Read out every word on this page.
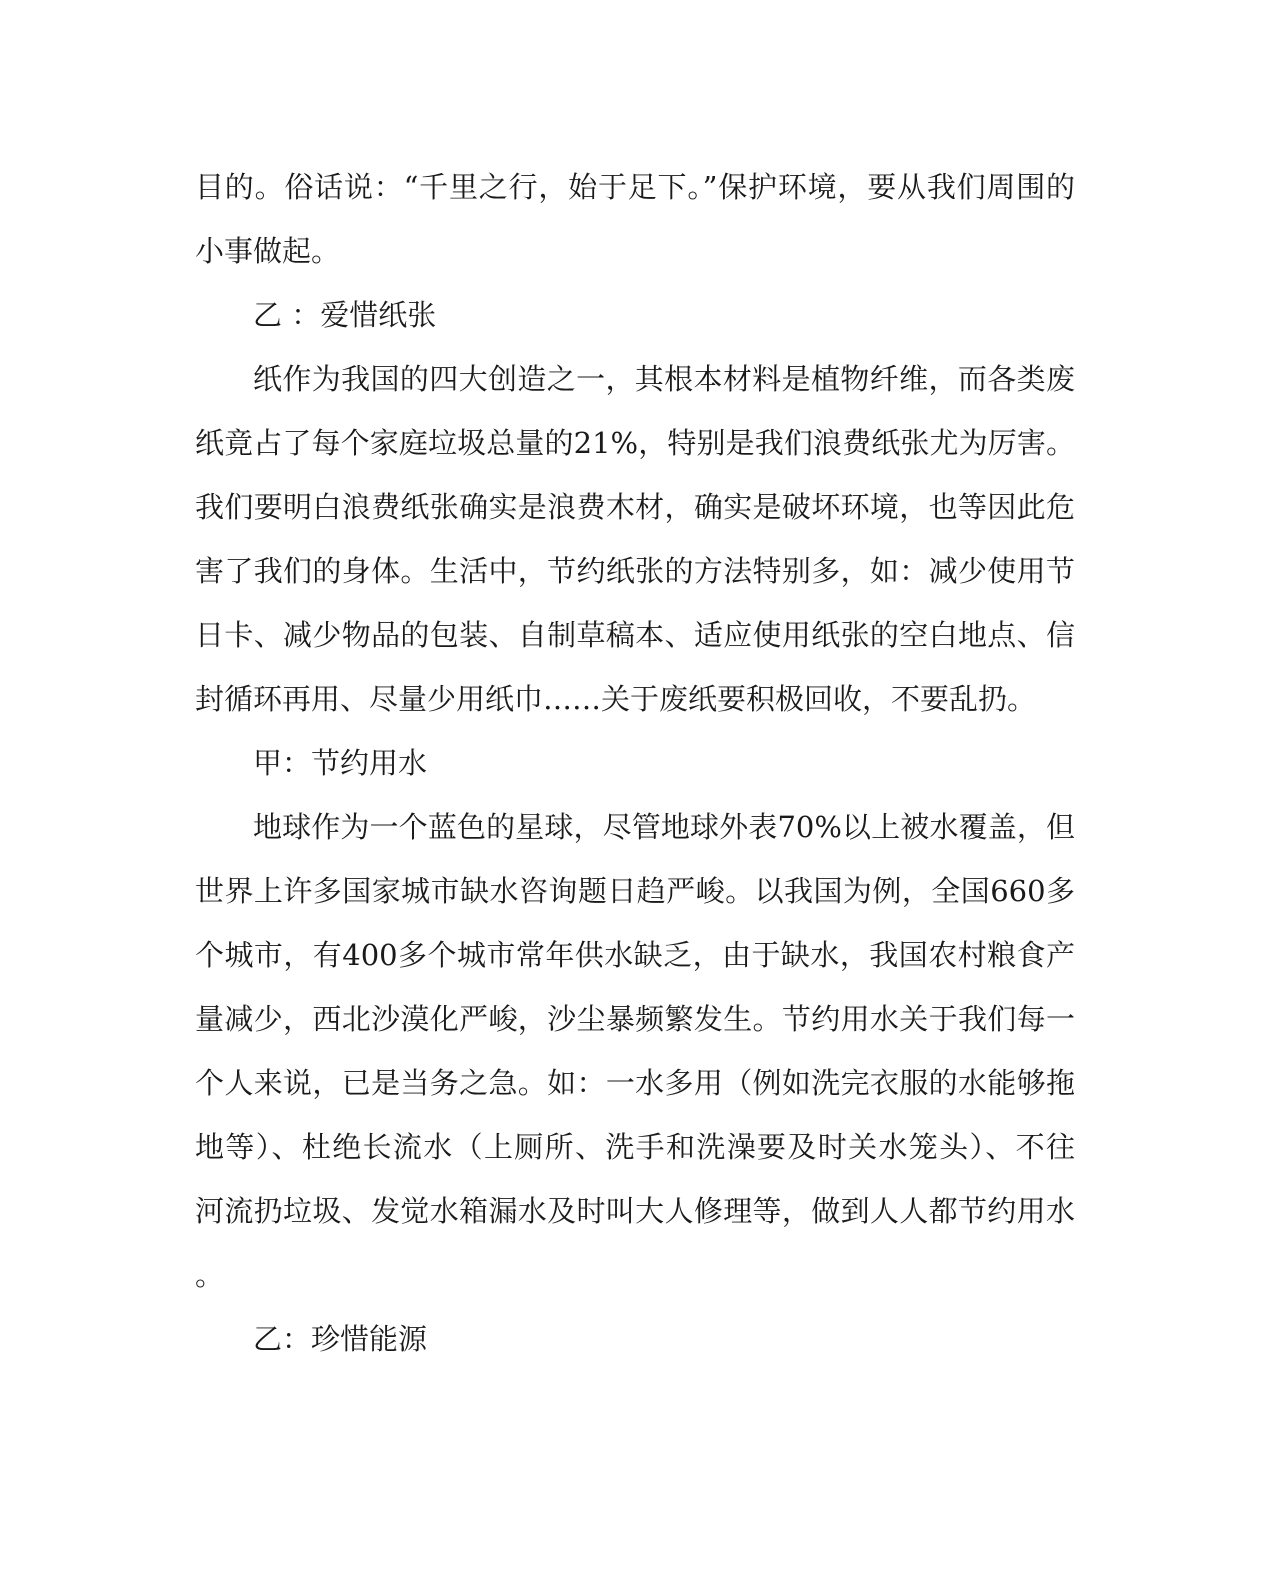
目的。俗话说：“千里之行，始于足下。”保护环境，要从我们周围的
小事做起。
乙 ：爱惜纸张
纸作为我国的四大创造之一，其根本材料是植物纤维，而各类废
纸竟占了每个家庭垃圾总量的21%，特别是我们浪费纸张尤为厉害。
我们要明白浪费纸张确实是浪费木材，确实是破坏环境，也等因此危
害了我们的身体。生活中，节约纸张的方法特别多，如：减少使用节
日卡、减少物品的包装、自制草稿本、适应使用纸张的空白地点、信
封循环再用、尽量少用纸巾……关于废纸要积极回收，不要乱扔。
甲：节约用水
地球作为一个蓝色的星球，尽管地球外表70%以上被水覆盖，但
世界上许多国家城市缺水咨询题日趋严峻。以我国为例，全国660多
个城市，有400多个城市常年供水缺乏，由于缺水，我国农村粮食产
量减少，西北沙漠化严峻，沙尘暴频繁发生。节约用水关于我们每一
个人来说，已是当务之急。如：一水多用（例如洗完衣服的水能够拖
地等）、杜绝长流水（上厕所、洗手和洗澡要及时关水笼头）、不往
河流扔垃圾、发觉水箱漏水及时叫大人修理等，做到人人都节约用水
。
乙：珍惜能源
